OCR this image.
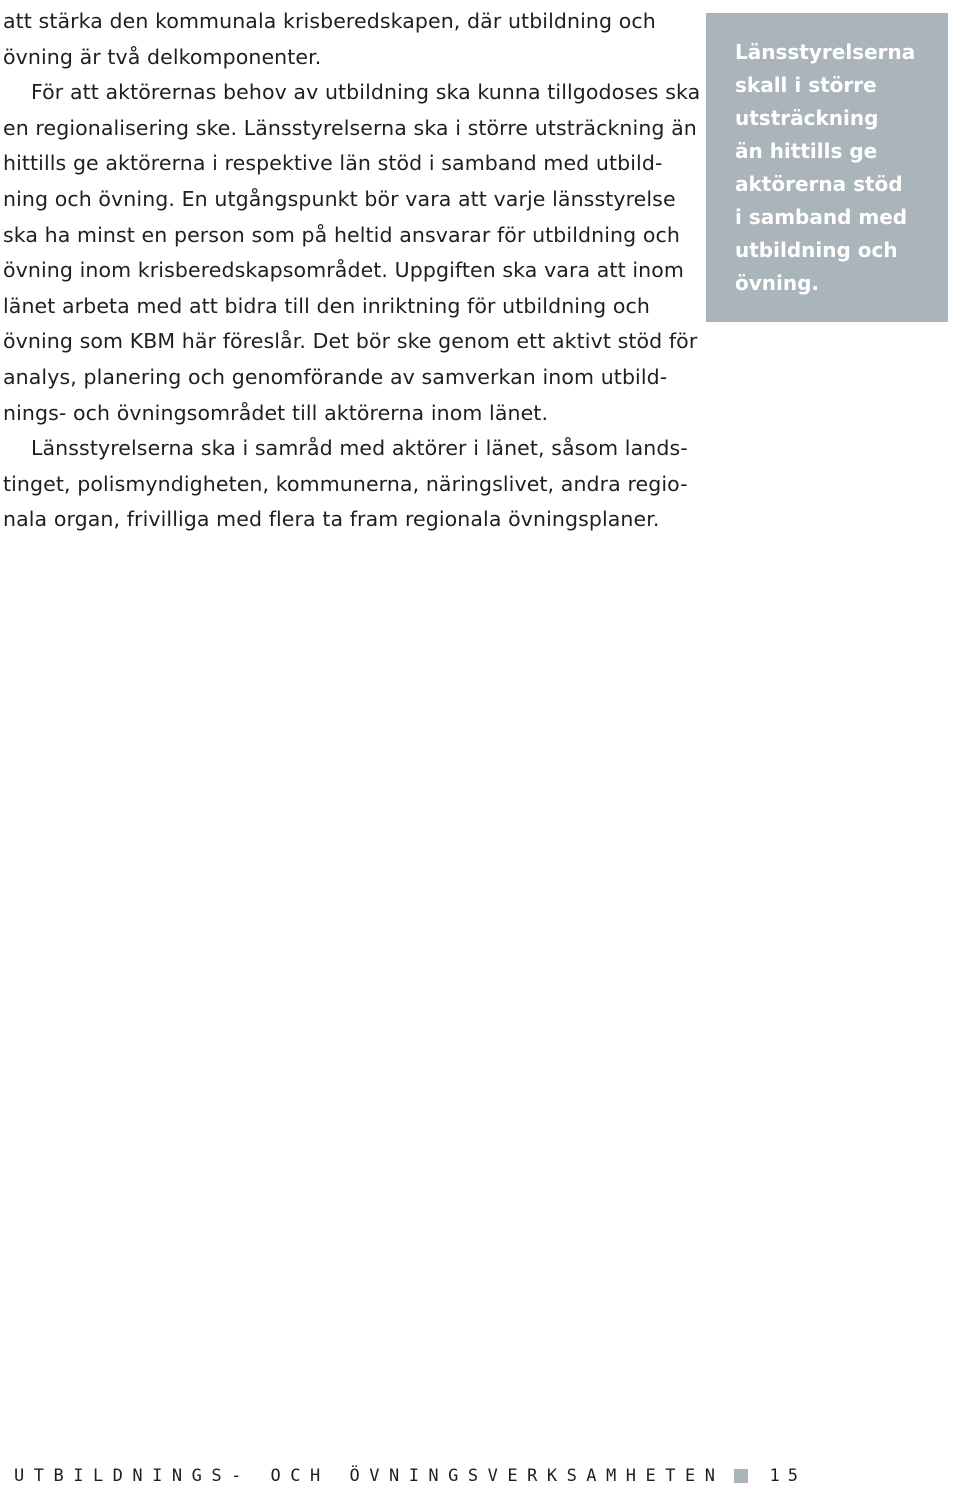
att stärka den kommunala krisberedskapen, där utbildning och
övning är två delkomponenter.
För att aktörernas behov av utbildning ska kunna tillgodoses ska
en regionalisering ske. Länsstyrelserna ska i större utsträckning än
hittills ge aktörerna i respektive län stöd i samband med utbild-
ning och övning. En utgångspunkt bör vara att varje länsstyrelse
ska ha minst en person som på heltid ansvarar för utbildning och
övning inom krisberedskapsområdet. Uppgiften ska vara att inom
länet arbeta med att bidra till den inriktning för utbildning och
övning som KBM här föreslår. Det bör ske genom ett aktivt stöd för
analys, planering och genomförande av samverkan inom utbild-
nings- och övningsområdet till aktörerna inom länet.
Länsstyrelserna ska i samråd med aktörer i länet, såsom lands-
tinget, polismyndigheten, kommunerna, näringslivet, andra regio-
nala organ, frivilliga med flera ta fram regionala övningsplaner.
Länsstyrelserna
skall i större
utsträckning
än hittills ge
aktörerna stöd
i samband med
utbildning och
övning.
UTBILDNINGS- OCH ÖVNINGSVERKSAMHETEN	15
